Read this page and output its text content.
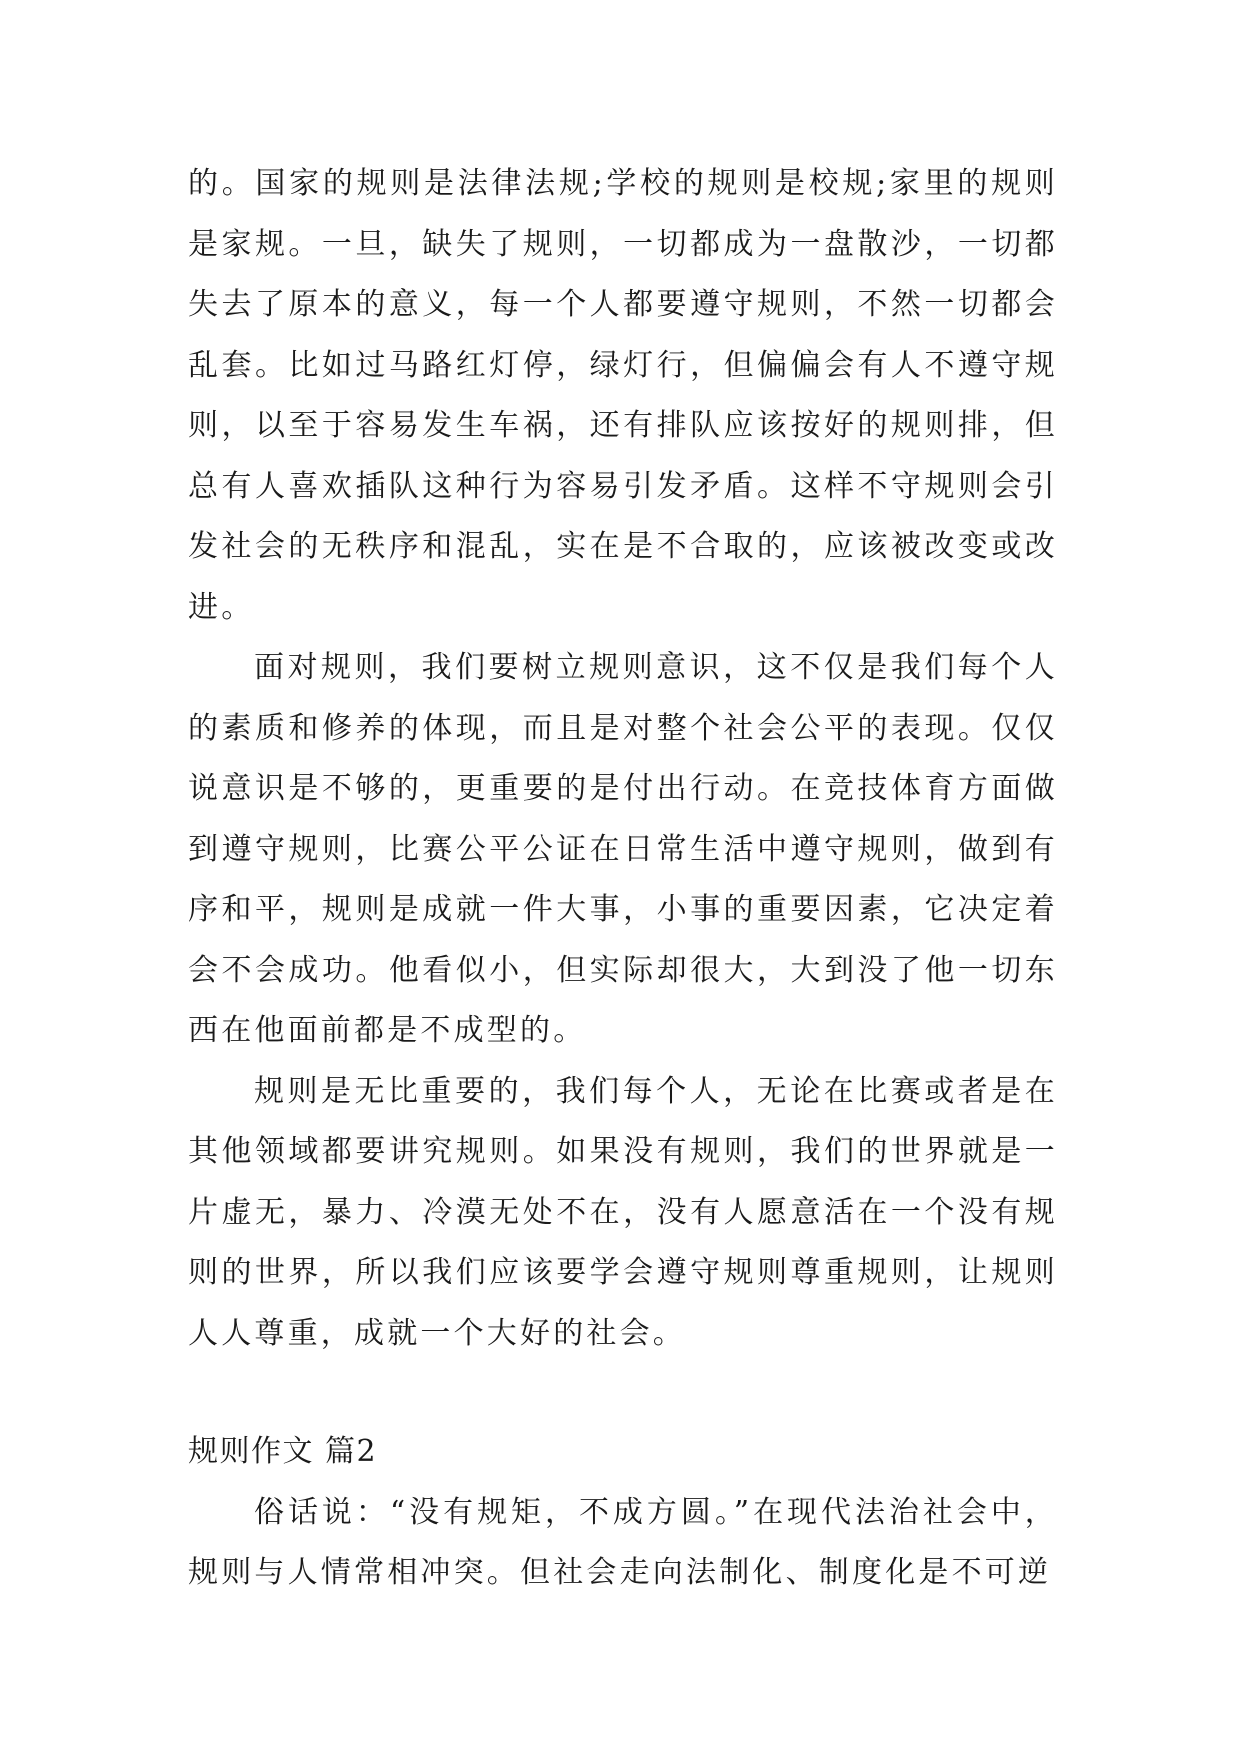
的。国家的规则是法律法规;学校的规则是校规;家里的规则是家规。一旦，缺失了规则，一切都成为一盘散沙，一切都失去了原本的意义，每一个人都要遵守规则，不然一切都会乱套。比如过马路红灯停，绿灯行，但偏偏会有人不遵守规则，以至于容易发生车祸，还有排队应该按好的规则排，但总有人喜欢插队这种行为容易引发矛盾。这样不守规则会引发社会的无秩序和混乱，实在是不合取的，应该被改变或改进。

面对规则，我们要树立规则意识，这不仅是我们每个人的素质和修养的体现，而且是对整个社会公平的表现。仅仅说意识是不够的，更重要的是付出行动。在竞技体育方面做到遵守规则，比赛公平公证在日常生活中遵守规则，做到有序和平，规则是成就一件大事，小事的重要因素，它决定着会不会成功。他看似小，但实际却很大，大到没了他一切东西在他面前都是不成型的。

规则是无比重要的，我们每个人，无论在比赛或者是在其他领域都要讲究规则。如果没有规则，我们的世界就是一片虚无，暴力、冷漠无处不在，没有人愿意活在一个没有规则的世界，所以我们应该要学会遵守规则尊重规则，让规则人人尊重，成就一个大好的社会。

规则作文 篇2

俗话说：“没有规矩，不成方圆。”在现代法治社会中，规则与人情常相冲突。但社会走向法制化、制度化是不可逆
